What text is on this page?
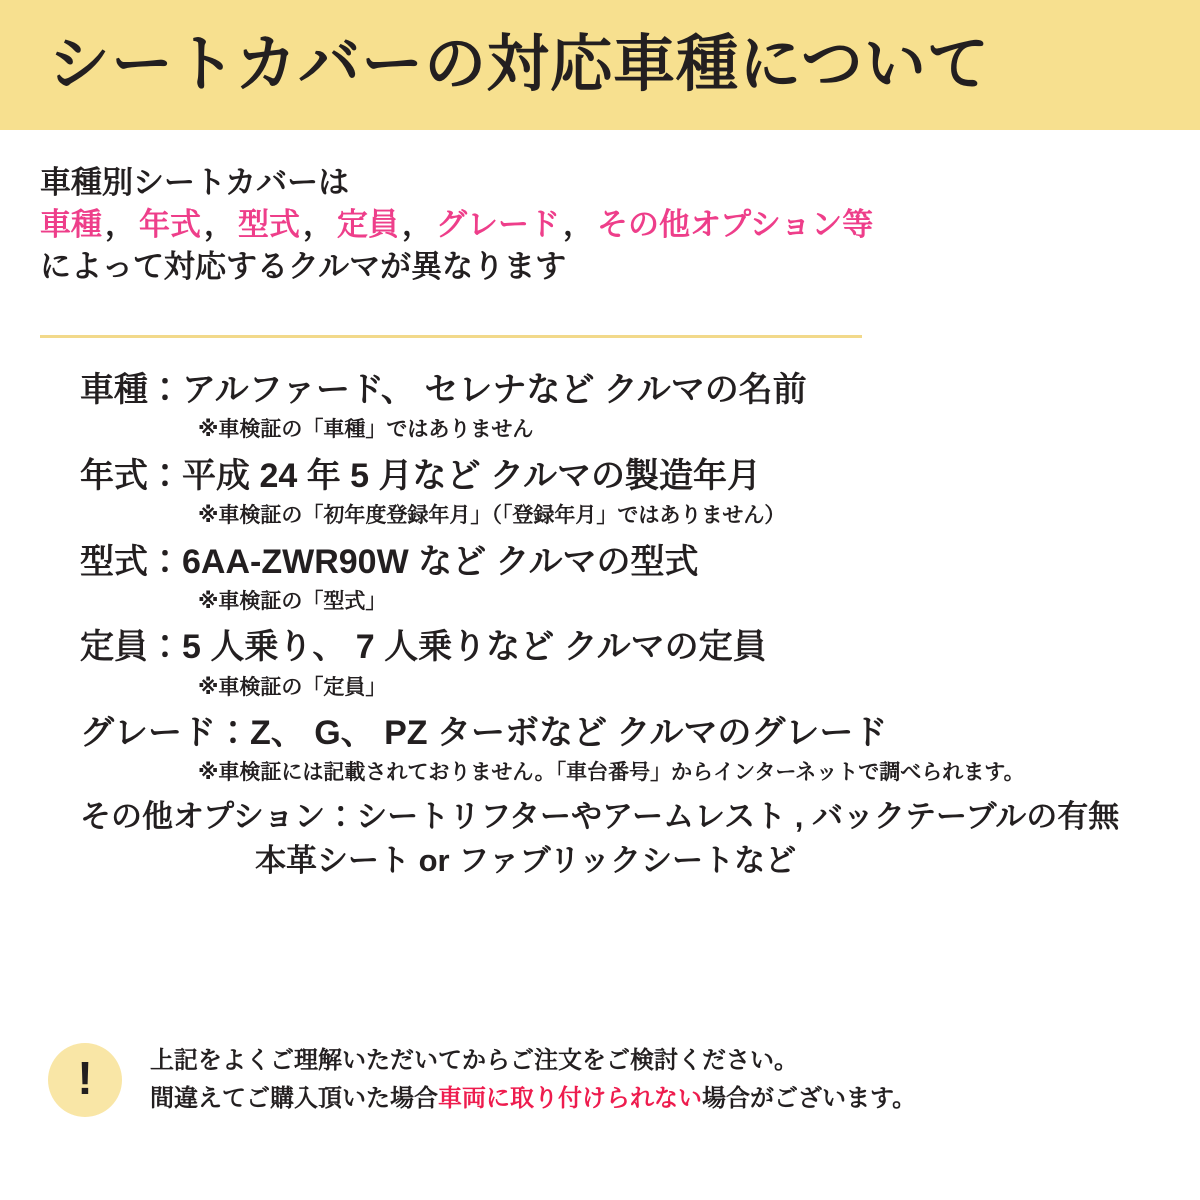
シートカバーの対応車種について
車種別シートカバーは
車種，年式，型式，定員，グレード，その他オプション等
によって対応するクルマが異なります
車種：アルファード、 セレナなど クルマの名前
※車検証の「車種」ではありません
年式：平成 24 年 5 月など クルマの製造年月
※車検証の「初年度登録年月」（「登録年月」ではありません）
型式：6AA-ZWR90W など クルマの型式
※車検証の「型式」
定員：5 人乗り、 7 人乗りなど クルマの定員
※車検証の「定員」
グレード：Z、 G、 PZ ターボなど クルマのグレード
※車検証には記載されておりません。「車台番号」からインターネットで調べられます。
その他オプション：シートリフターやアームレスト , バックテーブルの有無
本革シート or ファブリックシートなど
! 上記をよくご理解いただいてからご注文をご検討ください。
間違えてご購入頂いた場合車両に取り付けられない場合がございます。
